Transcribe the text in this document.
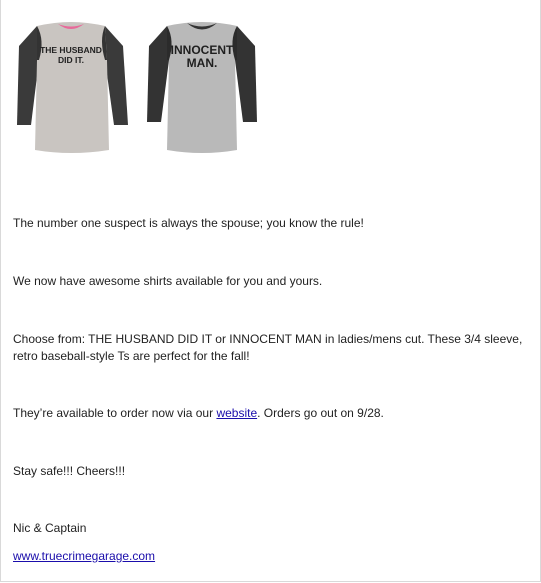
THE HUSBAND
DID IT.
INNOCENT
MAN.

The number one suspect is always the spouse; you know the rule!

We now have awesome shirts available for you and yours.

Choose from: THE HUSBAND DID IT or INNOCENT MAN in ladies/mens cut. These 3/4 sleeve, retro baseball-style Ts are perfect for the fall!

They’re available to order now via our website. Orders go out on 9/28.

Stay safe!!! Cheers!!!

Nic & Captain

www.truecrimegarage.com
